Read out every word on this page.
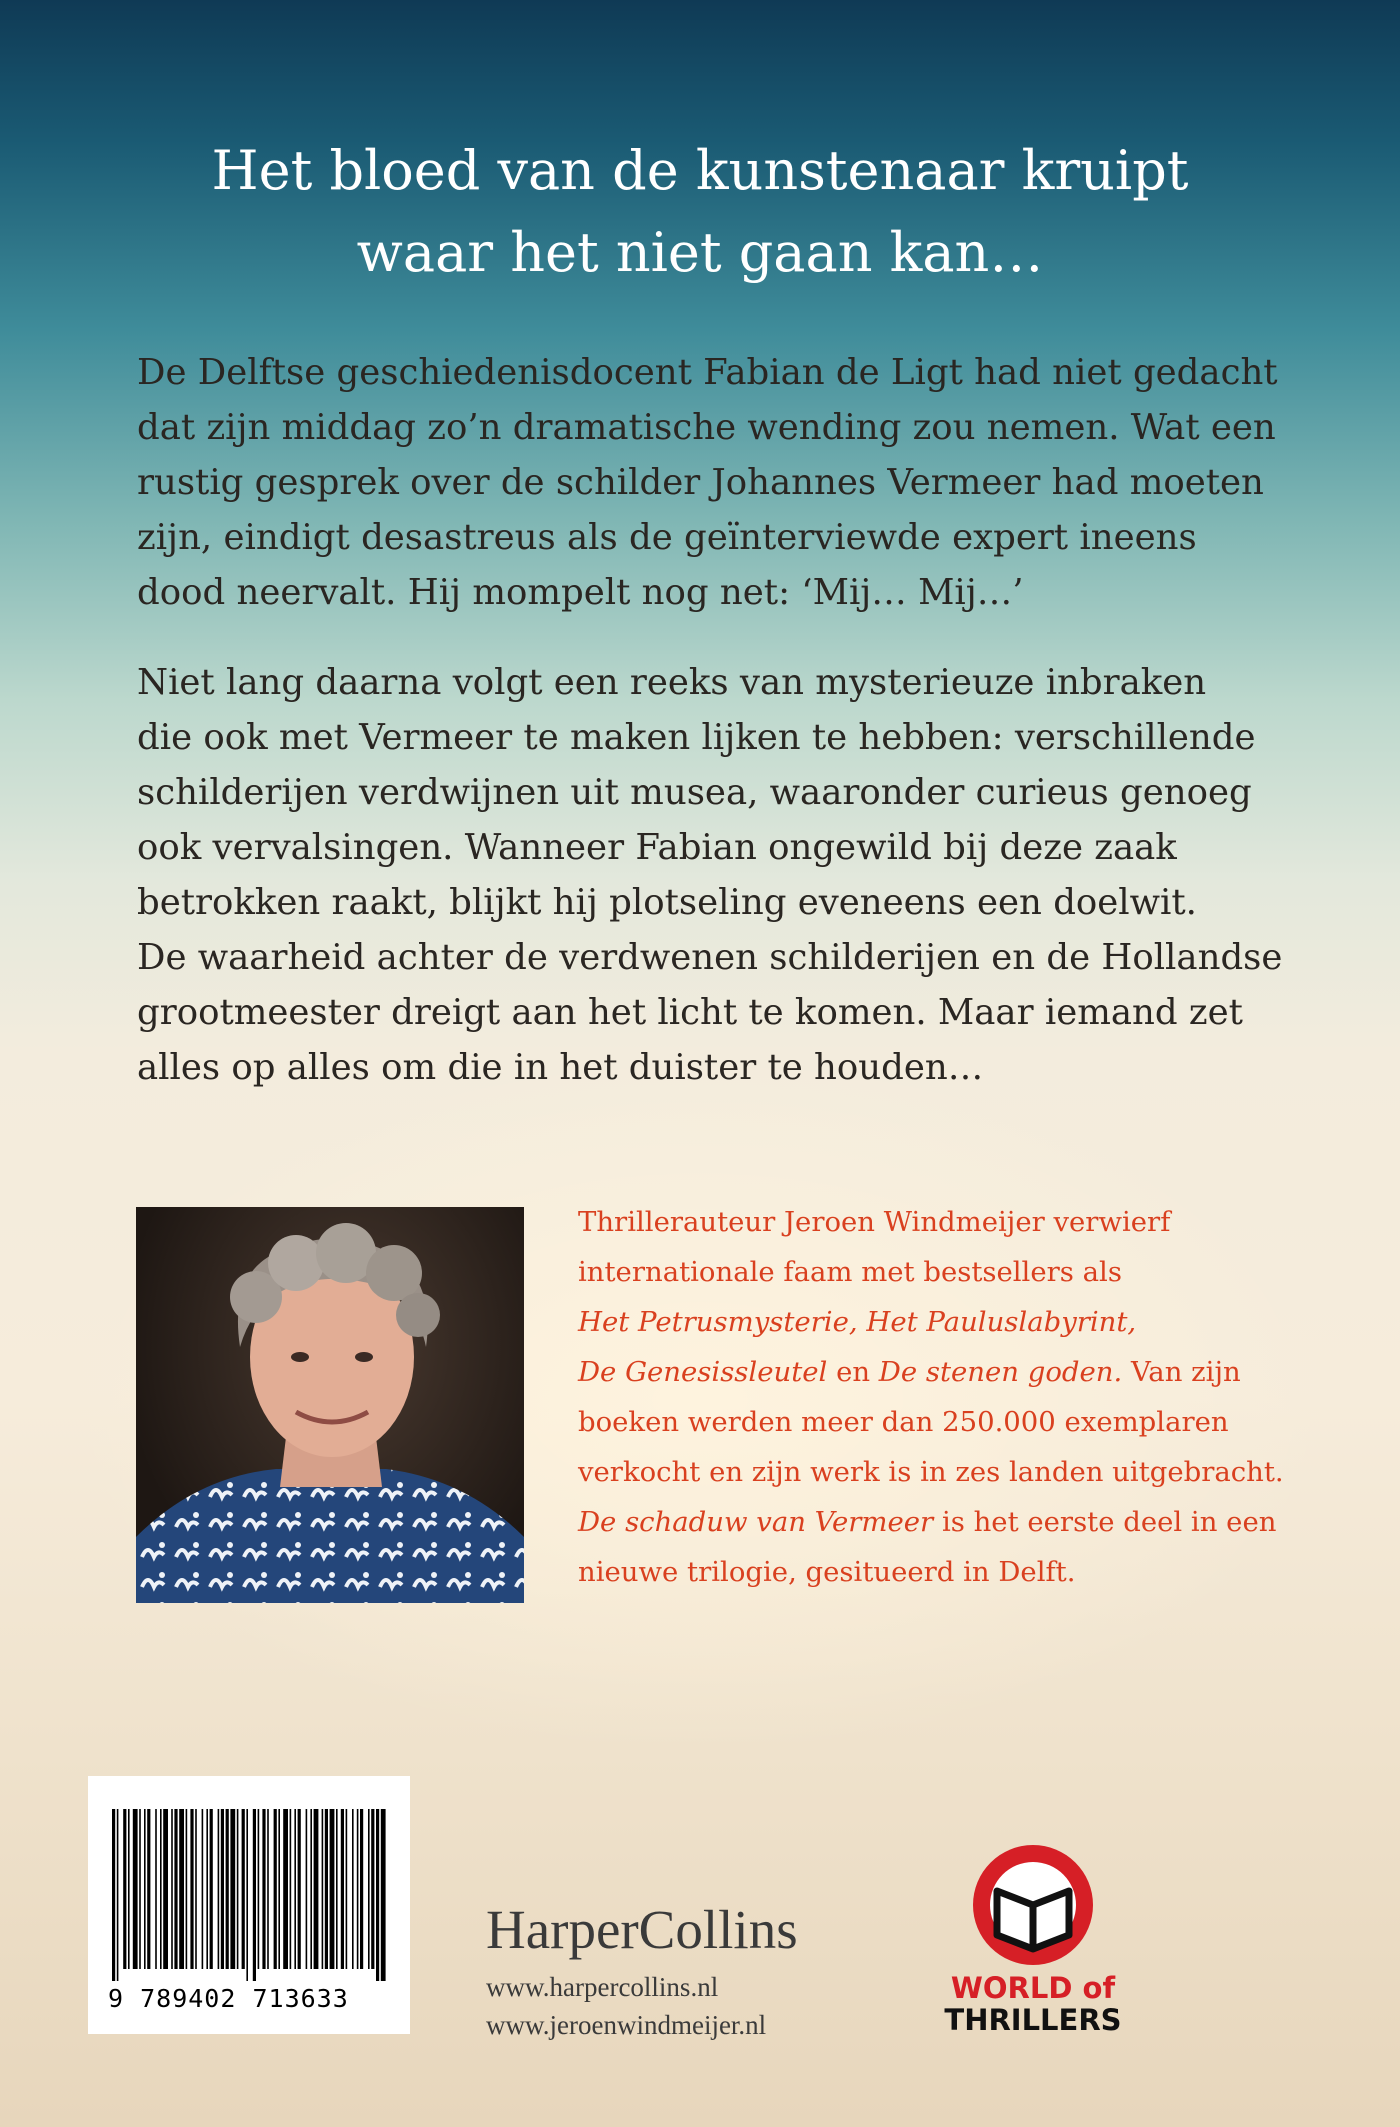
Het bloed van de kunstenaar kruipt
waar het niet gaan kan…
De Delftse geschiedenisdocent Fabian de Ligt had niet gedacht
dat zijn middag zo’n dramatische wending zou nemen. Wat een
rustig gesprek over de schilder Johannes Vermeer had moeten
zijn, eindigt desastreus als de geïnterviewde expert ineens
dood neervalt. Hij mompelt nog net: ‘Mij… Mij…’
Niet lang daarna volgt een reeks van mysterieuze inbraken
die ook met Vermeer te maken lijken te hebben: verschillende
schilderijen verdwijnen uit musea, waaronder curieus genoeg
ook vervalsingen. Wanneer Fabian ongewild bij deze zaak
betrokken raakt, blijkt hij plotseling eveneens een doelwit.
De waarheid achter de verdwenen schilderijen en de Hollandse
grootmeester dreigt aan het licht te komen. Maar iemand zet
alles op alles om die in het duister te houden…
Thrillerauteur Jeroen Windmeijer verwierf
internationale faam met bestsellers als
Het Petrusmysterie, Het Pauluslabyrint,
De Genesissleutel en De stenen goden. Van zijn
boeken werden meer dan 250.000 exemplaren
verkocht en zijn werk is in zes landen uitgebracht.
De schaduw van Vermeer is het eerste deel in een
nieuwe trilogie, gesitueerd in Delft.
9 789402 713633
HarperCollins
www.harpercollins.nl
www.jeroenwindmeijer.nl
WORLD of
THRILLERS
